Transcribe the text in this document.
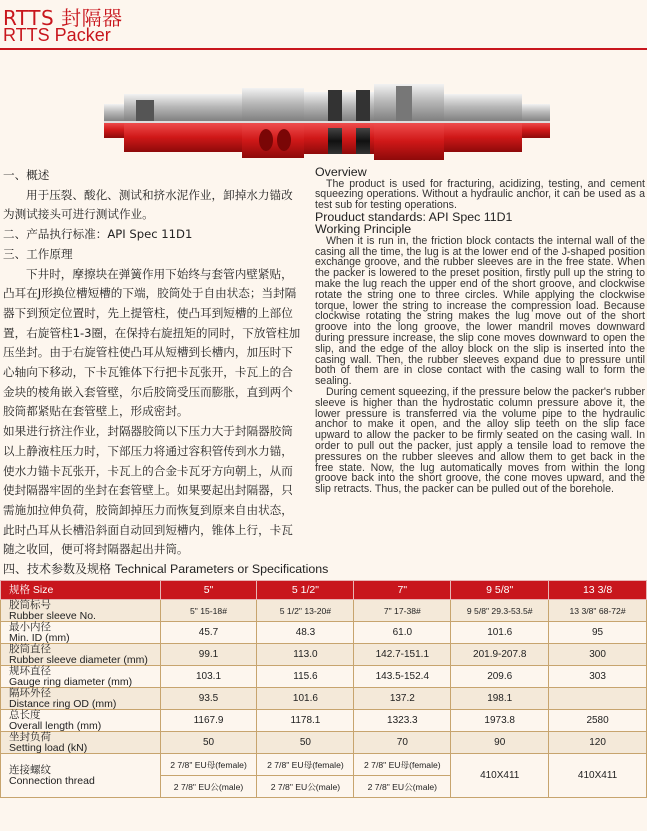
RTTS 封隔器
RTTS Packer

一、概述

用于压裂、酸化、测试和挤水泥作业，卸掉水力锚改为测试接头可进行测试作业。

二、产品执行标准：API Spec 11D1

三、工作原理

下井时，摩擦块在弹簧作用下始终与套管内壁紧贴，凸耳在J形换位槽短槽的下端，胶筒处于自由状态；当封隔器下到预定位置时，先上提管柱，使凸耳到短槽的上部位置，右旋管柱1-3圈，在保持右旋扭矩的同时，下放管柱加压坐封。由于右旋管柱使凸耳从短槽到长槽内，加压时下心轴向下移动，下卡瓦锥体下行把卡瓦张开，卡瓦上的合金块的棱角嵌入套管壁，尔后胶筒受压而膨胀，直到两个胶筒都紧贴在套管壁上，形成密封。

如果进行挤注作业，封隔器胶筒以下压力大于封隔器胶筒以上静液柱压力时，下部压力将通过容积管传到水力锚，使水力锚卡瓦张开，卡瓦上的合金卡瓦牙方向朝上，从而使封隔器牢固的坐封在套管壁上。如果要起出封隔器，只需施加拉伸负荷，胶筒卸掉压力而恢复到原来自由状态，此时凸耳从长槽沿斜面自动回到短槽内，锥体上行，卡瓦随之收回，便可将封隔器起出井筒。

Overview

The product is used for fracturing, acidizing, testing, and cement squeezing operations. Without a hydraulic anchor, it can be used as a test sub for testing operations.

Prouduct standards: API Spec 11D1

Working Principle

When it is run in, the friction block contacts the internal wall of the casing all the time, the lug is at the lower end of the J-shaped position exchange groove, and the rubber sleeves are in the free state. When the packer is lowered to the preset position, firstly pull up the string to make the lug reach the upper end of the short groove, and clockwise rotate the string one to three circles. While applying the clockwise torque, lower the string to increase the compression load. Because clockwise rotating the string makes the lug move out of the short groove into the long groove, the lower mandril moves downward during pressure increase, the slip cone moves downward to open the slip, and the edge of the alloy block on the slip is inserted into the casing wall. Then, the rubber sleeves expand due to pressure until both of them are in close contact with the casing wall to form the sealing.

During cement squeezing, if the pressure below the packer's rubber sleeve is higher than the hydrostatic column pressure above it, the lower pressure is transferred via the volume pipe to the hydraulic anchor to make it open, and the alloy slip teeth on the slip face upward to allow the packer to be firmly seated on the casing wall. In order to pull out the packer, just apply a tensile load to remove the pressures on the rubber sleeves and allow them to get back in the free state. Now, the lug automatically moves from within the long groove back into the short groove, the cone moves upward, and the slip retracts. Thus, the packer can be pulled out of the borehole.

四、技术参数及规格 Technical Parameters or Specifications
规格 Size	5"	5 1/2"	7"	9 5/8"	13 3/8
胶筒标号
Rubber sleeve No.	5" 15-18#	5 1/2" 13-20#	7" 17-38#	9 5/8" 29.3-53.5#	13 3/8" 68-72#
最小内径
Min. ID (mm)	45.7	48.3	61.0	101.6	95
胶筒直径
Rubber sleeve diameter (mm)	99.1	113.0	142.7-151.1	201.9-207.8	300
规环直径
Gauge ring diameter (mm)	103.1	115.6	143.5-152.4	209.6	303
隔环外径
Distance ring OD (mm)	93.5	101.6	137.2	198.1	
总长度
Overall length (mm)	1167.9	1178.1	1323.3	1973.8	2580
坐封负荷
Setting load (kN)	50	50	70	90	120
连接螺纹
Connection thread	2 7/8" EU母(female)	2 7/8" EU母(female)	2 7/8" EU母(female)	410X411	410X411
	2 7/8" EU公(male)	2 7/8" EU公(male)	2 7/8" EU公(male)		
